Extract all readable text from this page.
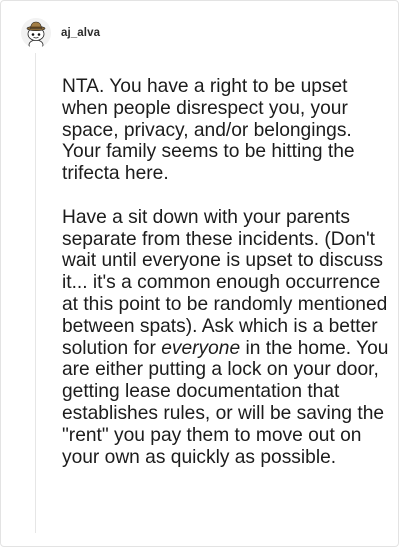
aj_alva

NTA. You have a right to be upset when people disrespect you, your space, privacy, and/or belongings. Your family seems to be hitting the trifecta here.

Have a sit down with your parents separate from these incidents. (Don't wait until everyone is upset to discuss it... it's a common enough occurrence at this point to be randomly mentioned between spats). Ask which is a better solution for everyone in the home. You are either putting a lock on your door, getting lease documentation that establishes rules, or will be saving the "rent" you pay them to move out on your own as quickly as possible.
